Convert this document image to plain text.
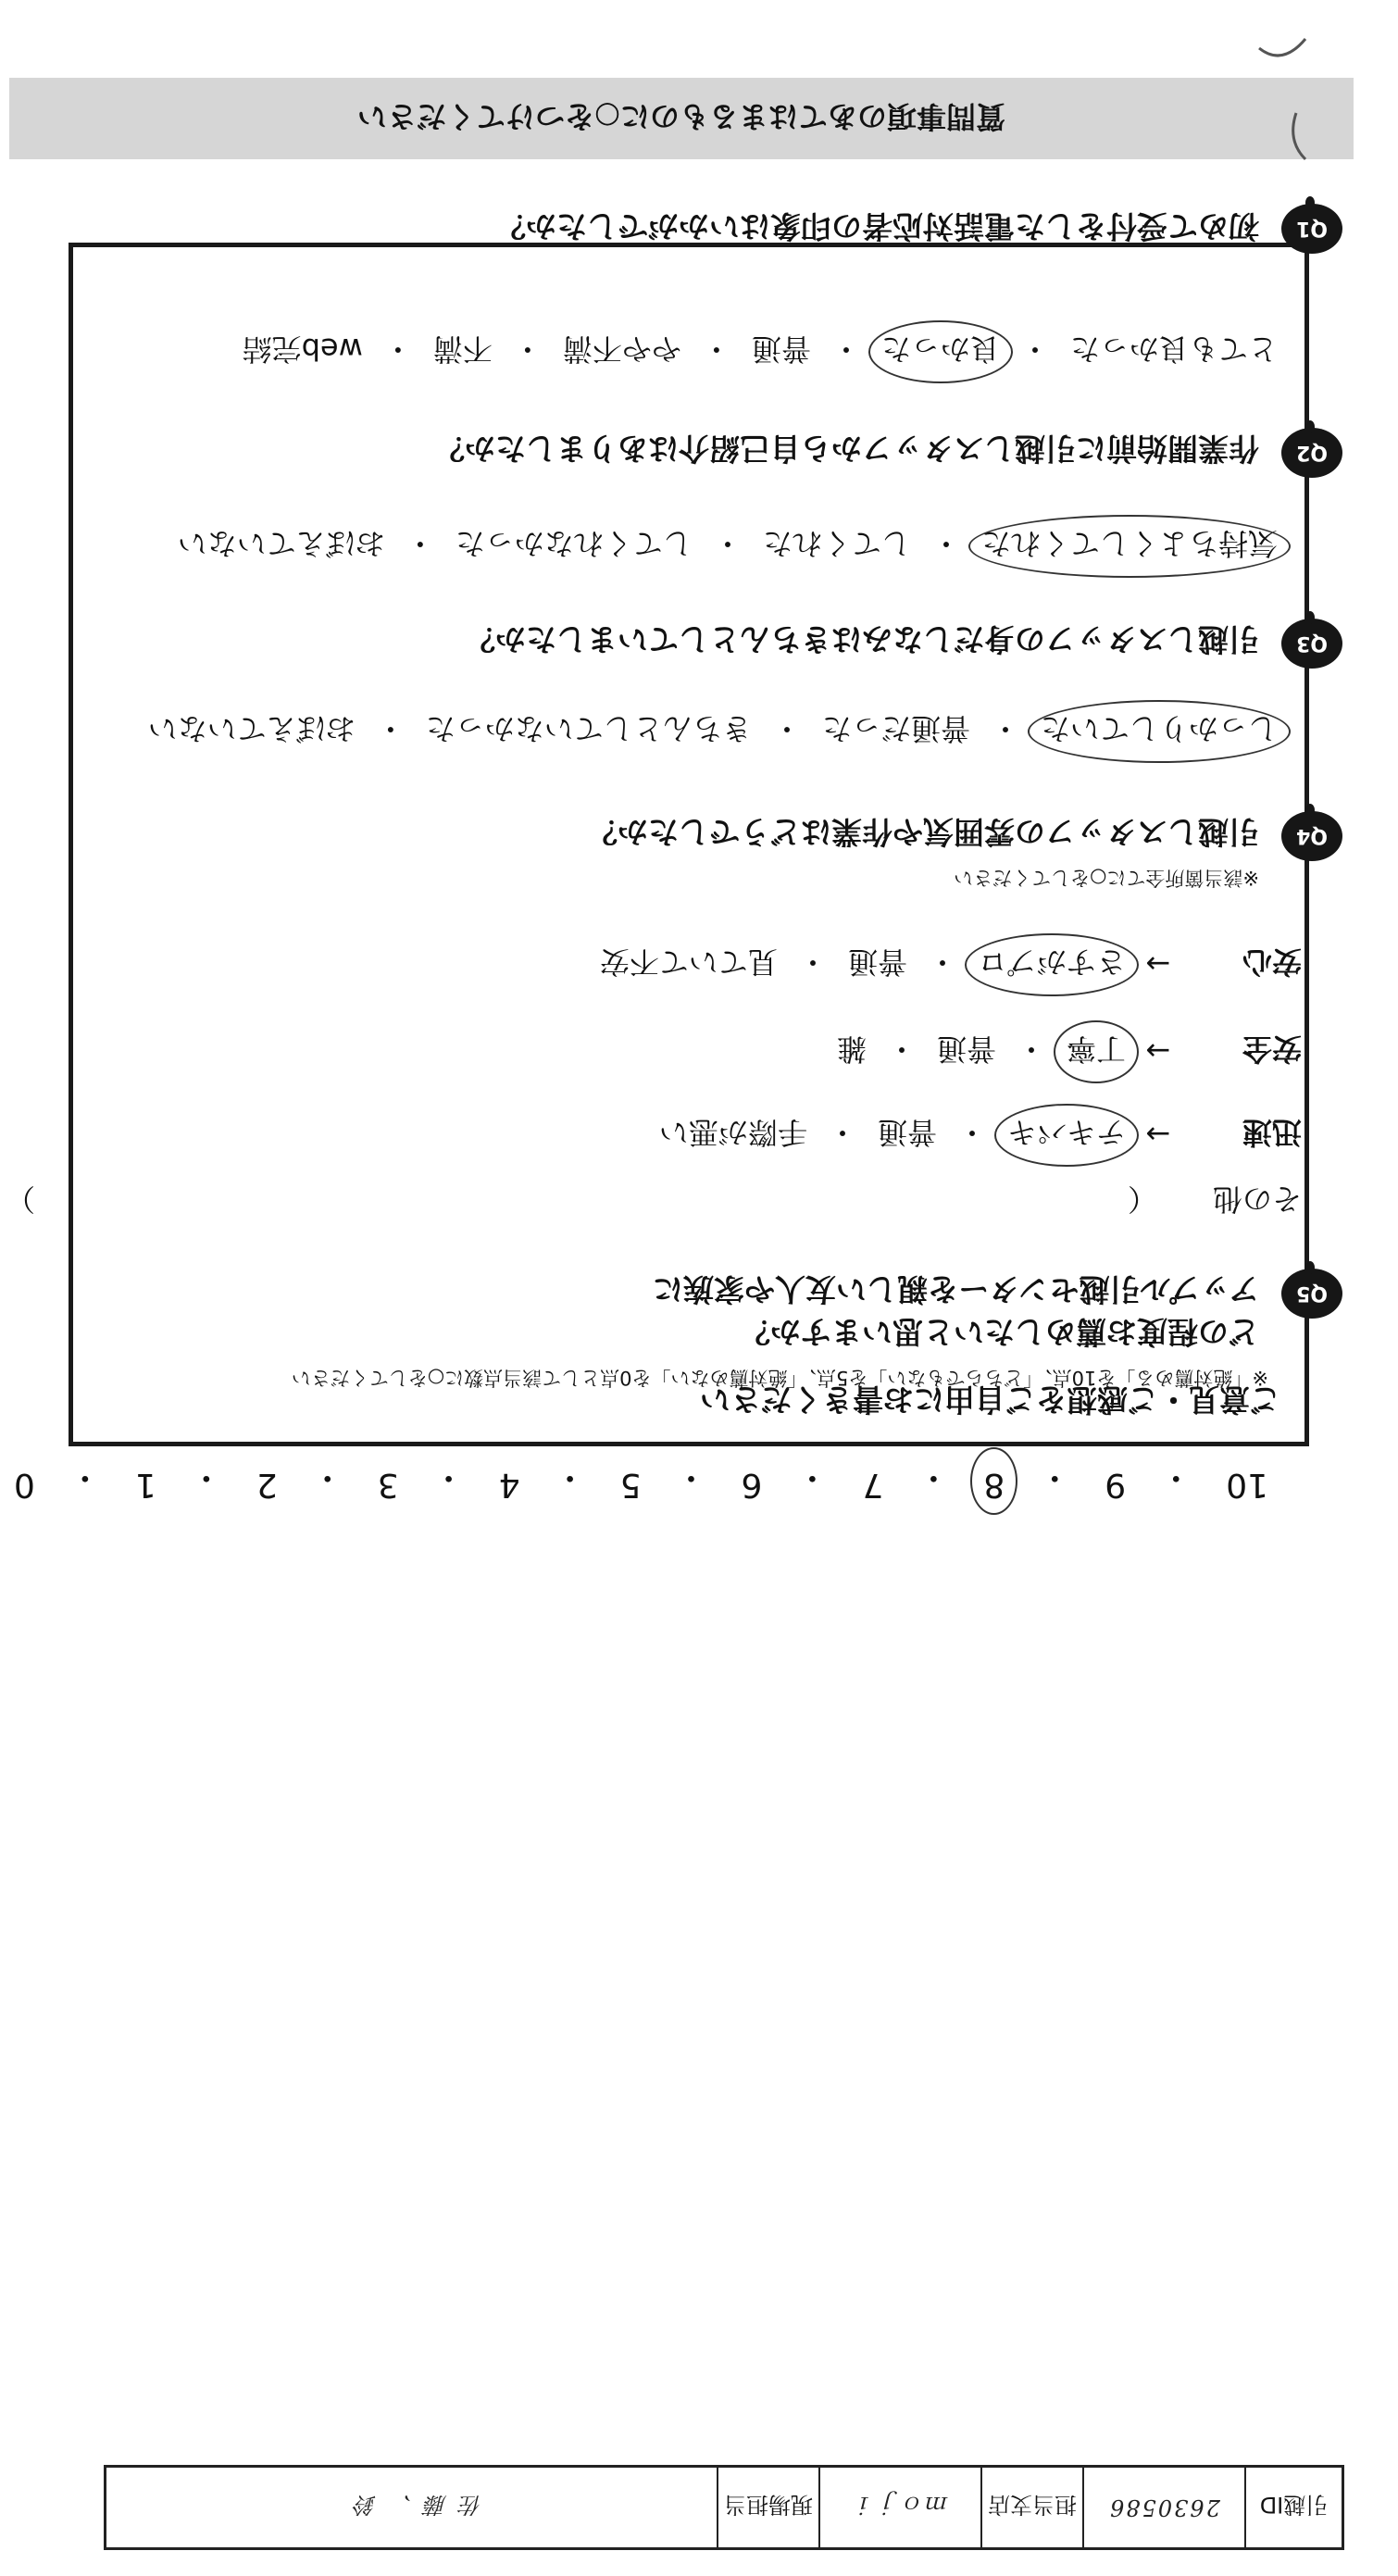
引越ID
2630586
担当支店
ｍｏｊｉ
現場担当
佐藤、鈴
ご意見・ご感想をご自由にお書きください
10
・
9
・
8
・
7
・
6
・
5
・
4
・
3
・
2
・
1
・
0
※「絶対薦める」を10点、「どちらでもない」を5点、「絶対薦めない」を0点として該当点数に○をしてください
どの程度お薦めしたいと思いますか？
アップル引越センターを親しい友人や家族に	Q5
その他
（
）
迅速
→
テキパキ
・
普通
・
手際が悪い
安全
→
丁寧
・
普通
・
雑
安心
→
さすがプロ
・
普通
・
見ていて不安
※該当箇所全てに○をしてください
引越しスタッフの雰囲気や作業はどうでしたか？	Q4
しっかりしていた
・
普通だった
・
きちんとしていなかった
・
おぼえていない
引越しスタッフの身だしなみはきちんとしていましたか？	Q3
気持ちよくしてくれた
・
してくれた
・
してくれなかった
・
おぼえていない
作業開始前に引越しスタッフから自己紹介はありましたか？	Q2
とても良かった
・
良かった
・
普通
・
やや不満
・
不満
・
web完結
初めて受付をした電話対応者の印象はいかがでしたか？	Q1
質問事項のあてはまるものに○をつけてください
